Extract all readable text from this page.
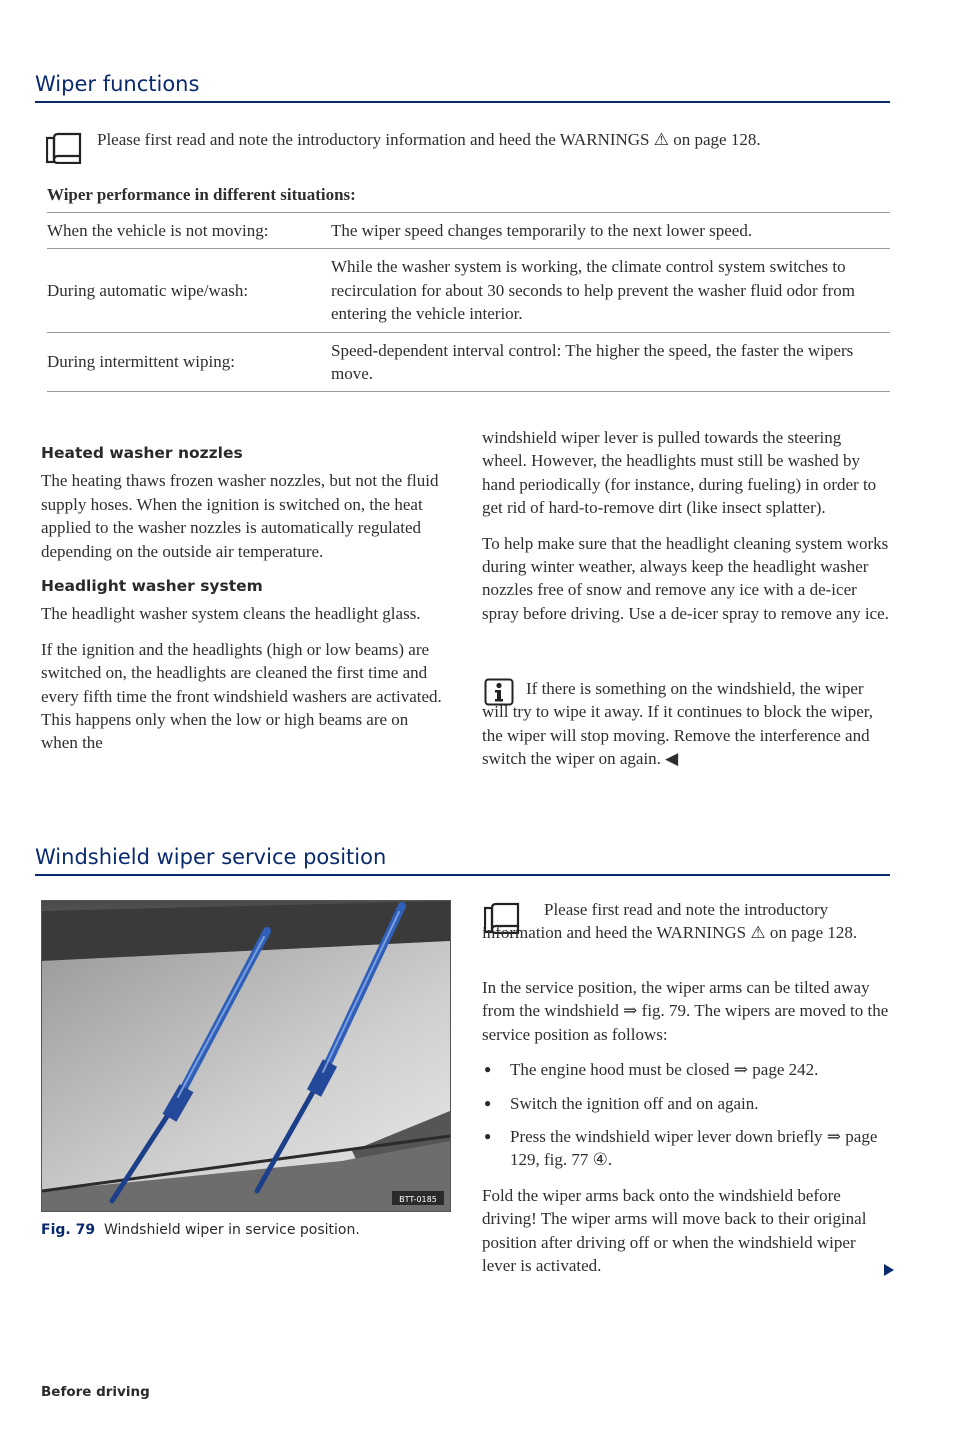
Wiper functions
Please first read and note the introductory information and heed the WARNINGS ⚠ on page 128.
Wiper performance in different situations:
When the vehicle is not moving:	The wiper speed changes temporarily to the next lower speed.
During automatic wipe/wash:	While the washer system is working, the climate control system switches to recirculation for about 30 seconds to help prevent the washer fluid odor from entering the vehicle interior.
During intermittent wiping:	Speed-dependent interval control: The higher the speed, the faster the wipers move.
Heated washer nozzles

The heating thaws frozen washer nozzles, but not the fluid supply hoses. When the ignition is switched on, the heat applied to the washer nozzles is automatically regulated depending on the outside air temperature.

Headlight washer system

The headlight washer system cleans the headlight glass.

If the ignition and the headlights (high or low beams) are switched on, the headlights are cleaned the first time and every fifth time the front windshield washers are activated. This happens only when the low or high beams are on when the

windshield wiper lever is pulled towards the steering wheel. However, the headlights must still be washed by hand periodically (for instance, during fueling) in order to get rid of hard-to-remove dirt (like insect splatter).

To help make sure that the headlight cleaning system works during winter weather, always keep the headlight washer nozzles free of snow and remove any ice with a de-icer spray before driving. Use a de-icer spray to remove any ice.

If there is something on the windshield, the wiper will try to wipe it away. If it continues to block the wiper, the wiper will stop moving. Remove the interference and switch the wiper on again. ◀
Windshield wiper service position
BTT-0185
Fig. 79 Windshield wiper in service position.
Please first read and note the introductory information and heed the WARNINGS ⚠ on page 128.

In the service position, the wiper arms can be tilted away from the windshield ⇒ fig. 79. The wipers are moved to the service position as follows:

● The engine hood must be closed ⇒ page 242.
● Switch the ignition off and on again.
● Press the windshield wiper lever down briefly ⇒ page 129, fig. 77 ④.

Fold the wiper arms back onto the windshield before driving! The wiper arms will move back to their original position after driving off or when the windshield wiper lever is activated.

Before driving
